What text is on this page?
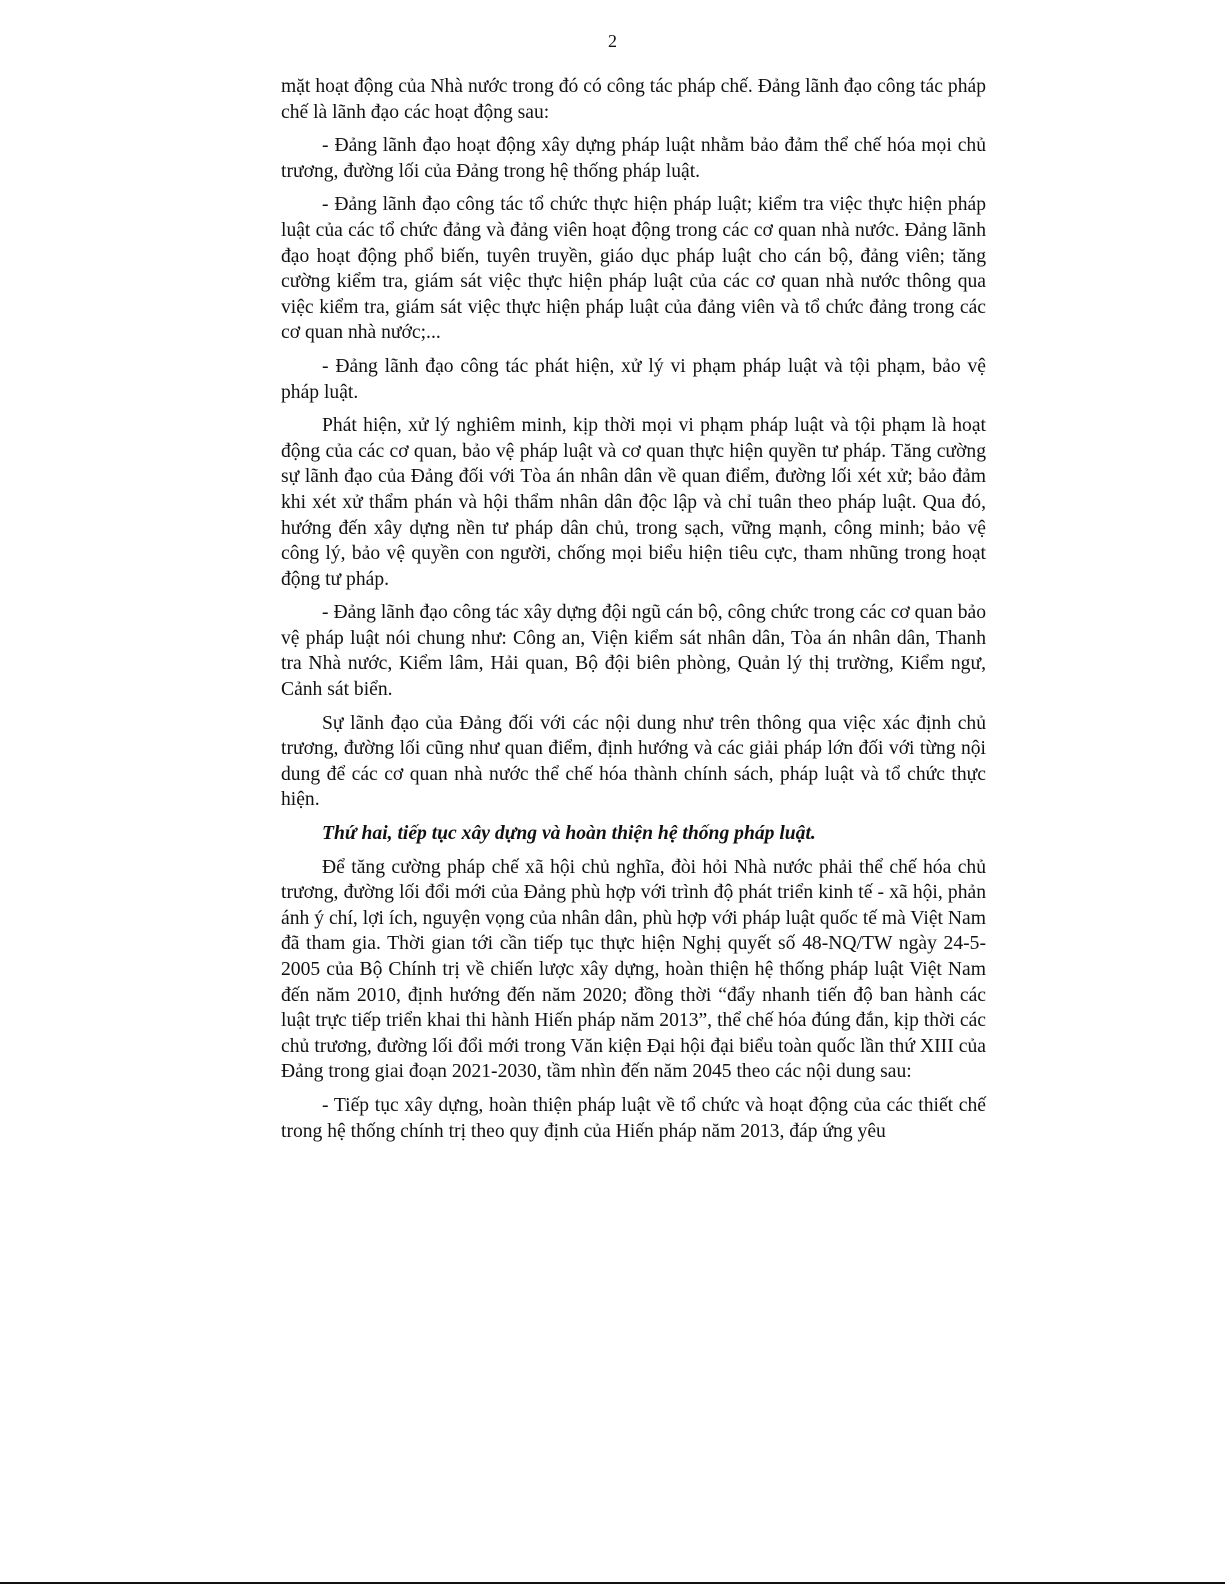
2

mặt hoạt động của Nhà nước trong đó có công tác pháp chế. Đảng lãnh đạo công tác pháp chế là lãnh đạo các hoạt động sau:

- Đảng lãnh đạo hoạt động xây dựng pháp luật nhằm bảo đảm thể chế hóa mọi chủ trương, đường lối của Đảng trong hệ thống pháp luật.

- Đảng lãnh đạo công tác tổ chức thực hiện pháp luật; kiểm tra việc thực hiện pháp luật của các tổ chức đảng và đảng viên hoạt động trong các cơ quan nhà nước. Đảng lãnh đạo hoạt động phổ biến, tuyên truyền, giáo dục pháp luật cho cán bộ, đảng viên; tăng cường kiểm tra, giám sát việc thực hiện pháp luật của các cơ quan nhà nước thông qua việc kiểm tra, giám sát việc thực hiện pháp luật của đảng viên và tổ chức đảng trong các cơ quan nhà nước;...

- Đảng lãnh đạo công tác phát hiện, xử lý vi phạm pháp luật và tội phạm, bảo vệ pháp luật.

Phát hiện, xử lý nghiêm minh, kịp thời mọi vi phạm pháp luật và tội phạm là hoạt động của các cơ quan, bảo vệ pháp luật và cơ quan thực hiện quyền tư pháp. Tăng cường sự lãnh đạo của Đảng đối với Tòa án nhân dân về quan điểm, đường lối xét xử; bảo đảm khi xét xử thẩm phán và hội thẩm nhân dân độc lập và chỉ tuân theo pháp luật. Qua đó, hướng đến xây dựng nền tư pháp dân chủ, trong sạch, vững mạnh, công minh; bảo vệ công lý, bảo vệ quyền con người, chống mọi biểu hiện tiêu cực, tham nhũng trong hoạt động tư pháp.

- Đảng lãnh đạo công tác xây dựng đội ngũ cán bộ, công chức trong các cơ quan bảo vệ pháp luật nói chung như: Công an, Viện kiểm sát nhân dân, Tòa án nhân dân, Thanh tra Nhà nước, Kiểm lâm, Hải quan, Bộ đội biên phòng, Quản lý thị trường, Kiểm ngư, Cảnh sát biển.

Sự lãnh đạo của Đảng đối với các nội dung như trên thông qua việc xác định chủ trương, đường lối cũng như quan điểm, định hướng và các giải pháp lớn đối với từng nội dung để các cơ quan nhà nước thể chế hóa thành chính sách, pháp luật và tổ chức thực hiện.

Thứ hai, tiếp tục xây dựng và hoàn thiện hệ thống pháp luật.

Để tăng cường pháp chế xã hội chủ nghĩa, đòi hỏi Nhà nước phải thể chế hóa chủ trương, đường lối đổi mới của Đảng phù hợp với trình độ phát triển kinh tế - xã hội, phản ánh ý chí, lợi ích, nguyện vọng của nhân dân, phù hợp với pháp luật quốc tế mà Việt Nam đã tham gia. Thời gian tới cần tiếp tục thực hiện Nghị quyết số 48-NQ/TW ngày 24-5-2005 của Bộ Chính trị về chiến lược xây dựng, hoàn thiện hệ thống pháp luật Việt Nam đến năm 2010, định hướng đến năm 2020; đồng thời “đẩy nhanh tiến độ ban hành các luật trực tiếp triển khai thi hành Hiến pháp năm 2013”, thể chế hóa đúng đắn, kịp thời các chủ trương, đường lối đổi mới trong Văn kiện Đại hội đại biểu toàn quốc lần thứ XIII của Đảng trong giai đoạn 2021-2030, tầm nhìn đến năm 2045 theo các nội dung sau:

- Tiếp tục xây dựng, hoàn thiện pháp luật về tổ chức và hoạt động của các thiết chế trong hệ thống chính trị theo quy định của Hiến pháp năm 2013, đáp ứng yêu
